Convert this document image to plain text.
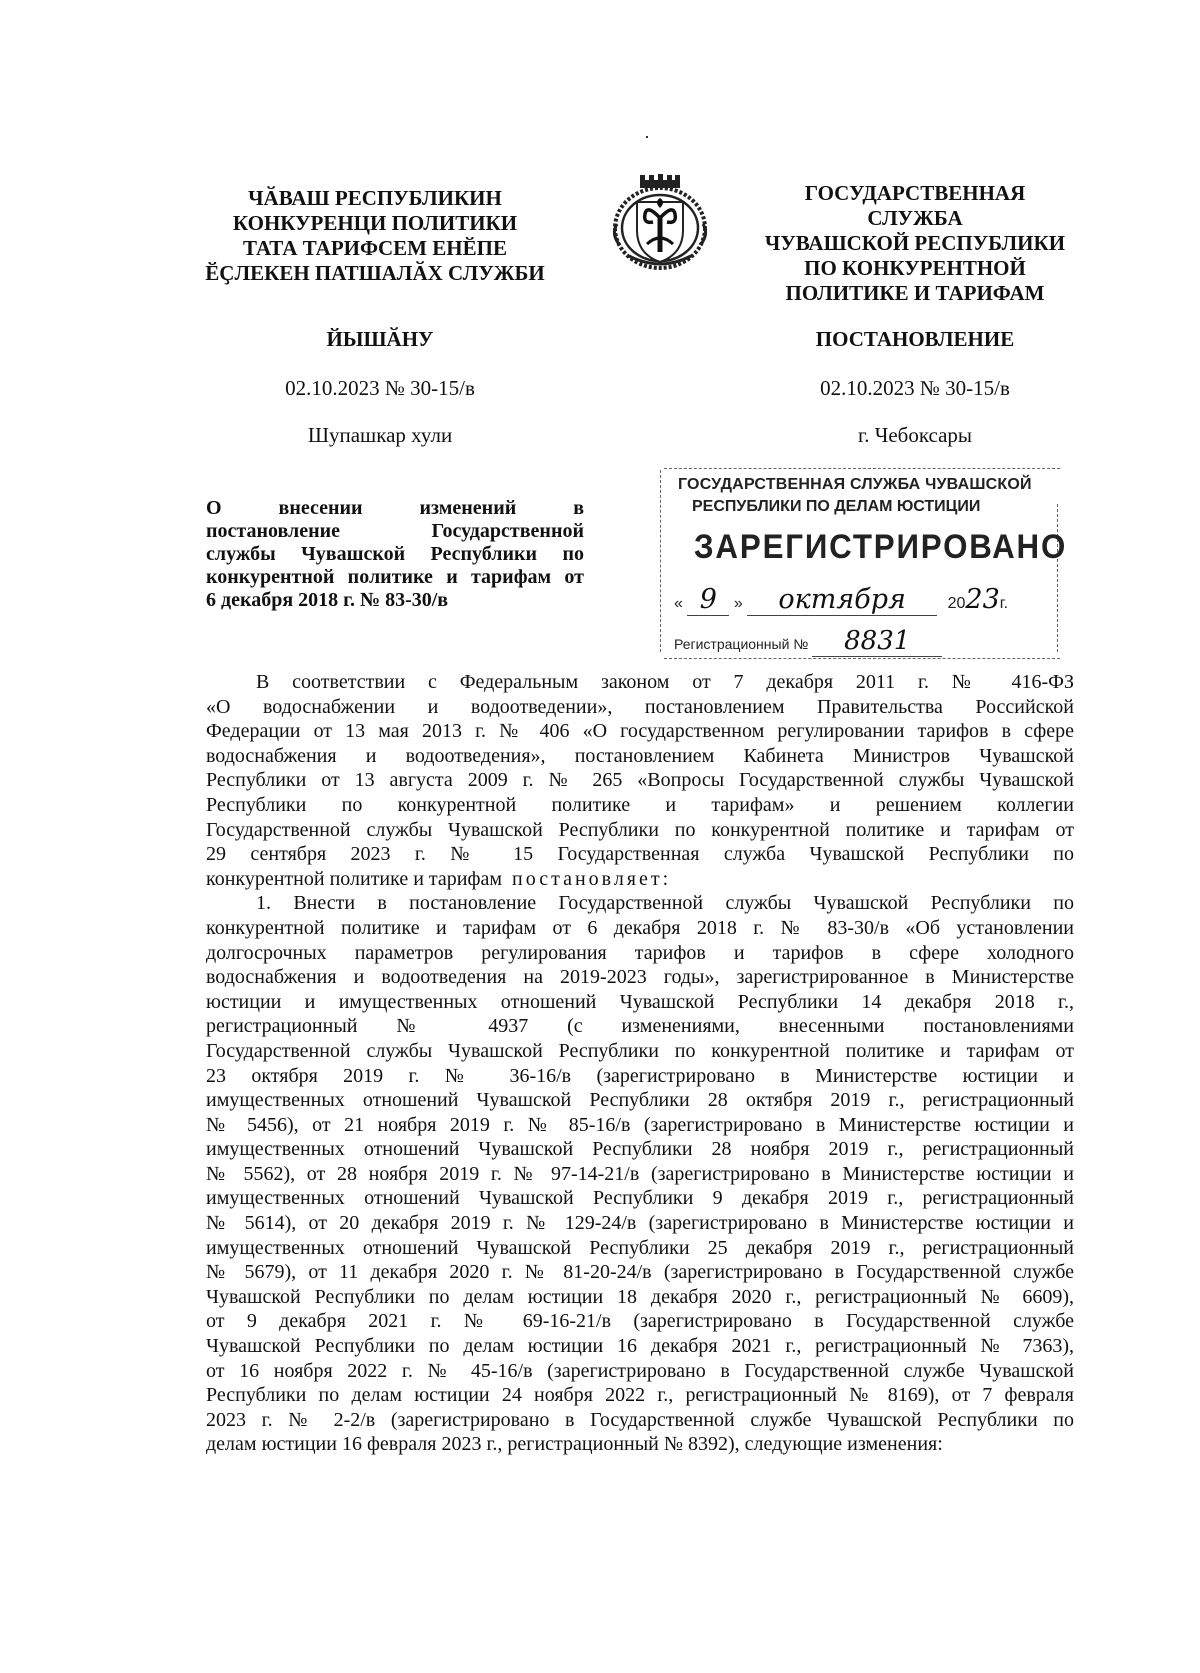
ЧӐВАШ РЕСПУБЛИКИН
КОНКУРЕНЦИ ПОЛИТИКИ
ТАТА ТАРИФСЕМ ЕНӖПЕ
ӖҪЛЕКЕН ПАТШАЛӐХ СЛУЖБИ
ГОСУДАРСТВЕННАЯ
СЛУЖБА
ЧУВАШСКОЙ РЕСПУБЛИКИ
ПО КОНКУРЕНТНОЙ
ПОЛИТИКЕ И ТАРИФАМ
ЙЫШӐНУ	ПОСТАНОВЛЕНИЕ
02.10.2023 № 30-15/в	02.10.2023 № 30-15/в
Шупашкар хули	г. Чебоксары
О внесении изменений в
постановление Государственной
службы Чувашской Республики по
конкурентной политике и тарифам от
6 декабря 2018 г. № 83-30/в
ГОСУДАРСТВЕННАЯ СЛУЖБА ЧУВАШСКОЙ
РЕСПУБЛИКИ ПО ДЕЛАМ ЮСТИЦИИ
ЗАРЕГИСТРИРОВАНО
« 9 » октября	2023г.
Регистрационный № 8831
В соответствии с Федеральным законом от 7 декабря 2011 г. № 416-ФЗ
«О водоснабжении и водоотведении», постановлением Правительства Российской
Федерации от 13 мая 2013 г. № 406 «О государственном регулировании тарифов в сфере
водоснабжения и водоотведения», постановлением Кабинета Министров Чувашской
Республики от 13 августа 2009 г. № 265 «Вопросы Государственной службы Чувашской
Республики по конкурентной политике и тарифам» и решением коллегии
Государственной службы Чувашской Республики по конкурентной политике и тарифам от
29 сентября 2023 г. № 15 Государственная служба Чувашской Республики по
конкурентной политике и тарифам постановляет:
1. Внести в постановление Государственной службы Чувашской Республики по
конкурентной политике и тарифам от 6 декабря 2018 г. № 83-30/в «Об установлении
долгосрочных параметров регулирования тарифов и тарифов в сфере холодного
водоснабжения и водоотведения на 2019-2023 годы», зарегистрированное в Министерстве
юстиции и имущественных отношений Чувашской Республики 14 декабря 2018 г.,
регистрационный № 4937 (с изменениями, внесенными постановлениями
Государственной службы Чувашской Республики по конкурентной политике и тарифам от
23 октября 2019 г. № 36-16/в (зарегистрировано в Министерстве юстиции и
имущественных отношений Чувашской Республики 28 октября 2019 г., регистрационный
№ 5456), от 21 ноября 2019 г. № 85-16/в (зарегистрировано в Министерстве юстиции и
имущественных отношений Чувашской Республики 28 ноября 2019 г., регистрационный
№ 5562), от 28 ноября 2019 г. № 97-14-21/в (зарегистрировано в Министерстве юстиции и
имущественных отношений Чувашской Республики 9 декабря 2019 г., регистрационный
№ 5614), от 20 декабря 2019 г. № 129-24/в (зарегистрировано в Министерстве юстиции и
имущественных отношений Чувашской Республики 25 декабря 2019 г., регистрационный
№ 5679), от 11 декабря 2020 г. № 81-20-24/в (зарегистрировано в Государственной службе
Чувашской Республики по делам юстиции 18 декабря 2020 г., регистрационный № 6609),
от 9 декабря 2021 г. № 69-16-21/в (зарегистрировано в Государственной службе
Чувашской Республики по делам юстиции 16 декабря 2021 г., регистрационный № 7363),
от 16 ноября 2022 г. № 45-16/в (зарегистрировано в Государственной службе Чувашской
Республики по делам юстиции 24 ноября 2022 г., регистрационный № 8169), от 7 февраля
2023 г. № 2-2/в (зарегистрировано в Государственной службе Чувашской Республики по
делам юстиции 16 февраля 2023 г., регистрационный № 8392), следующие изменения:
